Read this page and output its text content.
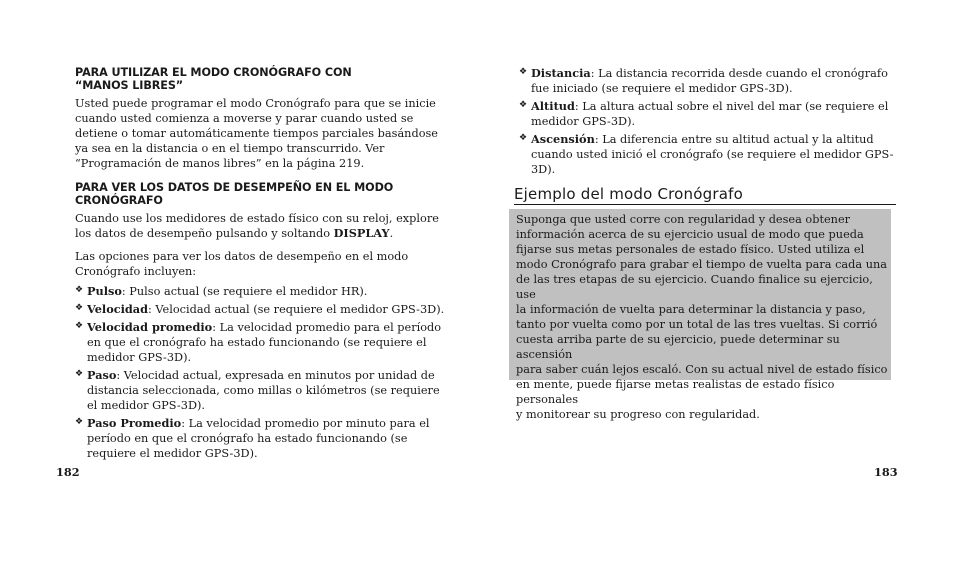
PARA UTILIZAR EL MODO CRONÓGRAFO CON
“MANOS LIBRES”

Usted puede programar el modo Cronógrafo para que se inicie cuando usted comienza a moverse y parar cuando usted se detiene o tomar automáticamente tiempos parciales basándose ya sea en la distancia o en el tiempo transcurrido. Ver “Programación de manos libres” en la página 219.

PARA VER LOS DATOS DE DESEMPEÑO EN EL MODO
CRONÓGRAFO

Cuando use los medidores de estado físico con su reloj, explore los datos de desempeño pulsando y soltando DISPLAY.

Las opciones para ver los datos de desempeño en el modo Cronógrafo incluyen:

❖ Pulso: Pulso actual (se requiere el medidor HR).
❖ Velocidad: Velocidad actual (se requiere el medidor GPS-3D).
❖ Velocidad promedio: La velocidad promedio para el período en que el cronógrafo ha estado funcionando (se requiere el medidor GPS-3D).
❖ Paso: Velocidad actual, expresada en minutos por unidad de distancia seleccionada, como millas o kilómetros (se requiere el medidor GPS-3D).
❖ Paso Promedio: La velocidad promedio por minuto para el período en que el cronógrafo ha estado funcionando (se requiere el medidor GPS-3D).
182
❖ Distancia: La distancia recorrida desde cuando el cronógrafo fue iniciado (se requiere el medidor GPS-3D).
❖ Altitud: La altura actual sobre el nivel del mar (se requiere el medidor GPS-3D).
❖ Ascensión: La diferencia entre su altitud actual y la altitud cuando usted inició el cronógrafo (se requiere el medidor GPS-3D).
Ejemplo del modo Cronógrafo
Suponga que usted corre con regularidad y desea obtener
información acerca de su ejercicio usual de modo que pueda
fijarse sus metas personales de estado físico. Usted utiliza el
modo Cronógrafo para grabar el tiempo de vuelta para cada una
de las tres etapas de su ejercicio. Cuando finalice su ejercicio, use
la información de vuelta para determinar la distancia y paso,
tanto por vuelta como por un total de las tres vueltas. Si corrió
cuesta arriba parte de su ejercicio, puede determinar su ascensión
para saber cuán lejos escaló. Con su actual nivel de estado físico
en mente, puede fijarse metas realistas de estado físico personales
y monitorear su progreso con regularidad.
183
